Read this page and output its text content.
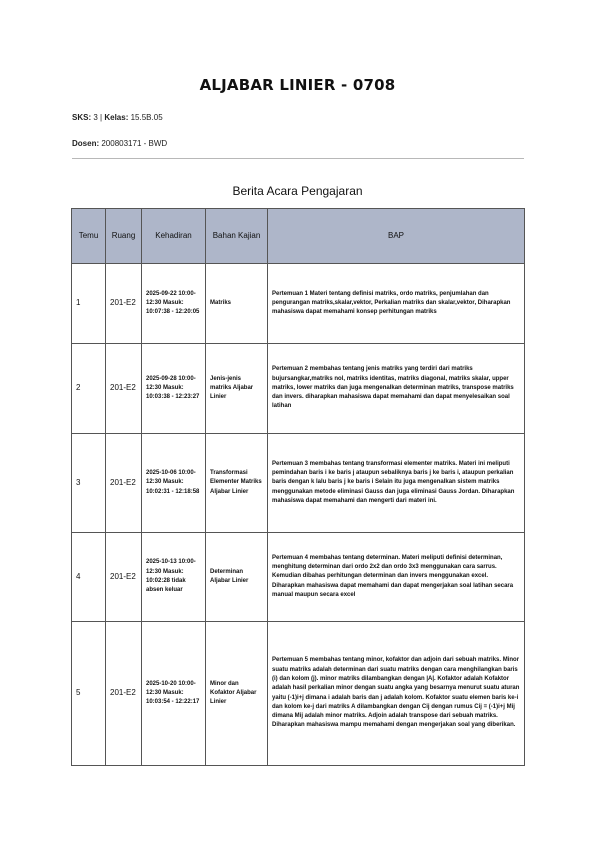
ALJABAR LINIER - 0708
SKS: 3 | Kelas: 15.5B.05
Dosen: 200803171 - BWD
Berita Acara Pengajaran
Temu	Ruang	Kehadiran	Bahan Kajian	BAP
1	201-E2	2025-09-22 10:00-12:30 Masuk: 10:07:38 - 12:20:05	Matriks	Pertemuan 1 Materi tentang definisi matriks, ordo matriks, penjumlahan dan pengurangan matriks,skalar,vektor, Perkalian matriks dan skalar,vektor, Diharapkan mahasiswa dapat memahami konsep perhitungan matriks
2	201-E2	2025-09-28 10:00-12:30 Masuk: 10:03:38 - 12:23:27	Jenis-jenis matriks Aljabar Linier	Pertemuan 2 membahas tentang jenis matriks yang terdiri dari matriks bujursangkar,matriks nol, matriks identitas, matriks diagonal, matriks skalar, upper matriks, lower matriks dan juga mengenalkan determinan matriks, transpose matriks dan invers. diharapkan mahasiswa dapat memahami dan dapat menyelesaikan soal latihan
3	201-E2	2025-10-06 10:00-12:30 Masuk: 10:02:31 - 12:18:58	Transformasi Elementer Matriks Aljabar Linier	Pertemuan 3 membahas tentang transformasi elementer matriks. Materi ini meliputi pemindahan baris i ke baris j ataupun sebaliknya baris j ke baris i, ataupun perkalian baris dengan k lalu baris j ke baris i Selain itu juga mengenalkan sistem matriks menggunakan metode eliminasi Gauss dan juga eliminasi Gauss Jordan. Diharapkan mahasiswa dapat memahami dan mengerti dari materi ini.
4	201-E2	2025-10-13 10:00-12:30 Masuk: 10:02:28 tidak absen keluar	Determinan Aljabar Linier	Pertemuan 4 membahas tentang determinan. Materi meliputi definisi determinan, menghitung determinan dari ordo 2x2 dan ordo 3x3 menggunakan cara sarrus. Kemudian dibahas perhitungan determinan dan invers menggunakan excel. Diharapkan mahasiswa dapat memahami dan dapat mengerjakan soal latihan secara manual maupun secara excel
5	201-E2	2025-10-20 10:00-12:30 Masuk: 10:03:54 - 12:22:17	Minor dan Kofaktor Aljabar Linier	Pertemuan 5 membahas tentang minor, kofaktor dan adjoin dari sebuah matriks. Minor suatu matriks adalah determinan dari suatu matriks dengan cara menghilangkan baris (i) dan kolom (j). minor matriks dilambangkan dengan |A|. Kofaktor adalah Kofaktor adalah hasil perkalian minor dengan suatu angka yang besarnya menurut suatu aturan yaitu (-1)i+j dimana i adalah baris dan j adalah kolom. Kofaktor suatu elemen baris ke-i dan kolom ke-j dari matriks A dilambangkan dengan Cij dengan rumus Cij = (-1)i+j Mij dimana Mij adalah minor matriks. Adjoin adalah transpose dari sebuah matriks. Diharapkan mahasiswa mampu memahami dengan mengerjakan soal yang diberikan.
